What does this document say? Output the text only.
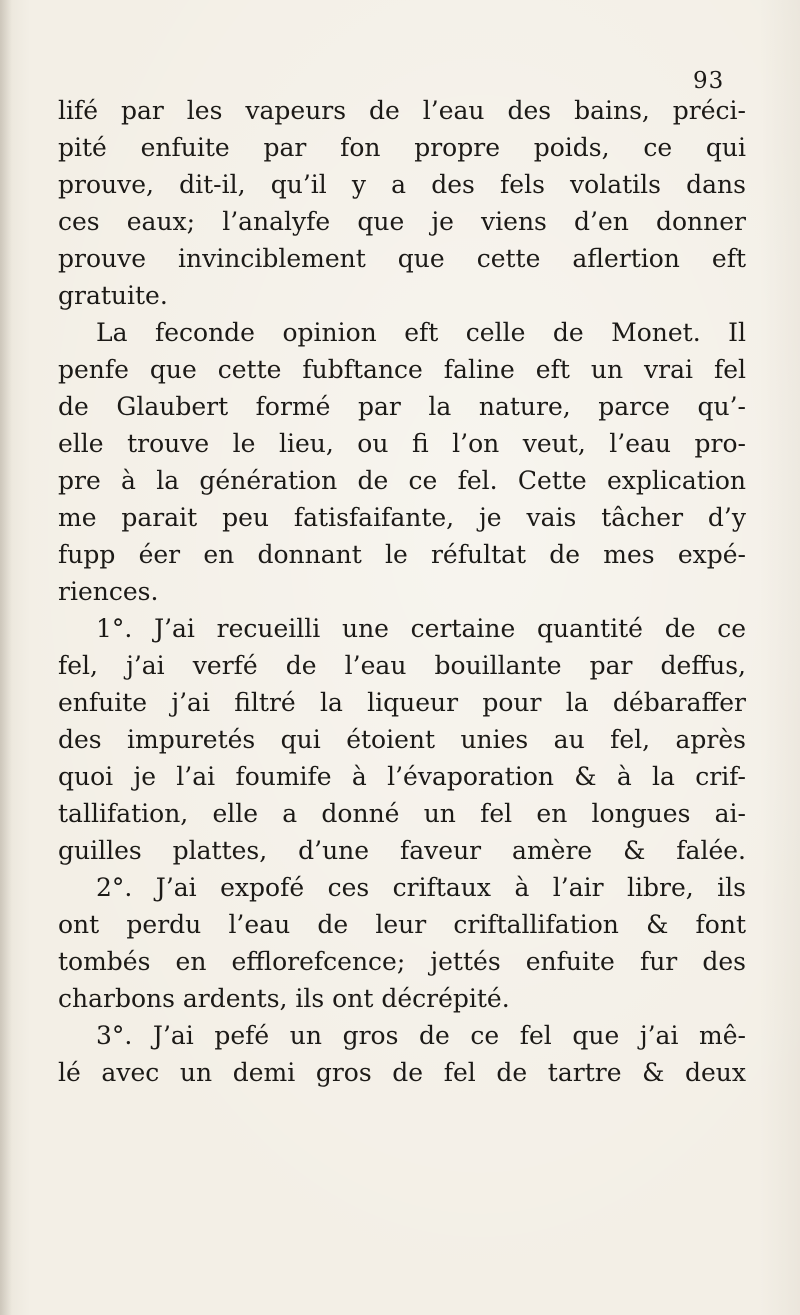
93
lifé par les vapeurs de l’eau des bains, préci-
pité enfuite par fon propre poids, ce qui
prouve, dit-il, qu’il y a des fels volatils dans
ces eaux; l’analyfe que je viens d’en donner
prouve invinciblement que cette aflertion eft
gratuite.
La feconde opinion eft celle de Monet. Il
penfe que cette fubftance faline eft un vrai fel
de Glaubert formé par la nature, parce qu’-
elle trouve le lieu, ou fi l’on veut, l’eau pro-
pre à la génération de ce fel. Cette explication
me parait peu fatisfaifante, je vais tâcher d’y
fupp éer en donnant le réfultat de mes expé-
riences.
1°. J’ai recueilli une certaine quantité de ce
fel, j’ai verfé de l’eau bouillante par deffus,
enfuite j’ai filtré la liqueur pour la débaraffer
des impuretés qui étoient unies au fel, après
quoi je l’ai foumife à l’évaporation & à la crif-
tallifation, elle a donné un fel en longues ai-
guilles plattes, d’une faveur amère & falée.
2°. J’ai expofé ces criftaux à l’air libre, ils
ont perdu l’eau de leur criftallifation & font
tombés en efflorefcence; jettés enfuite fur des
charbons ardents, ils ont décrépité.
3°. J’ai pefé un gros de ce fel que j’ai mê-
lé avec un demi gros de fel de tartre & deux
